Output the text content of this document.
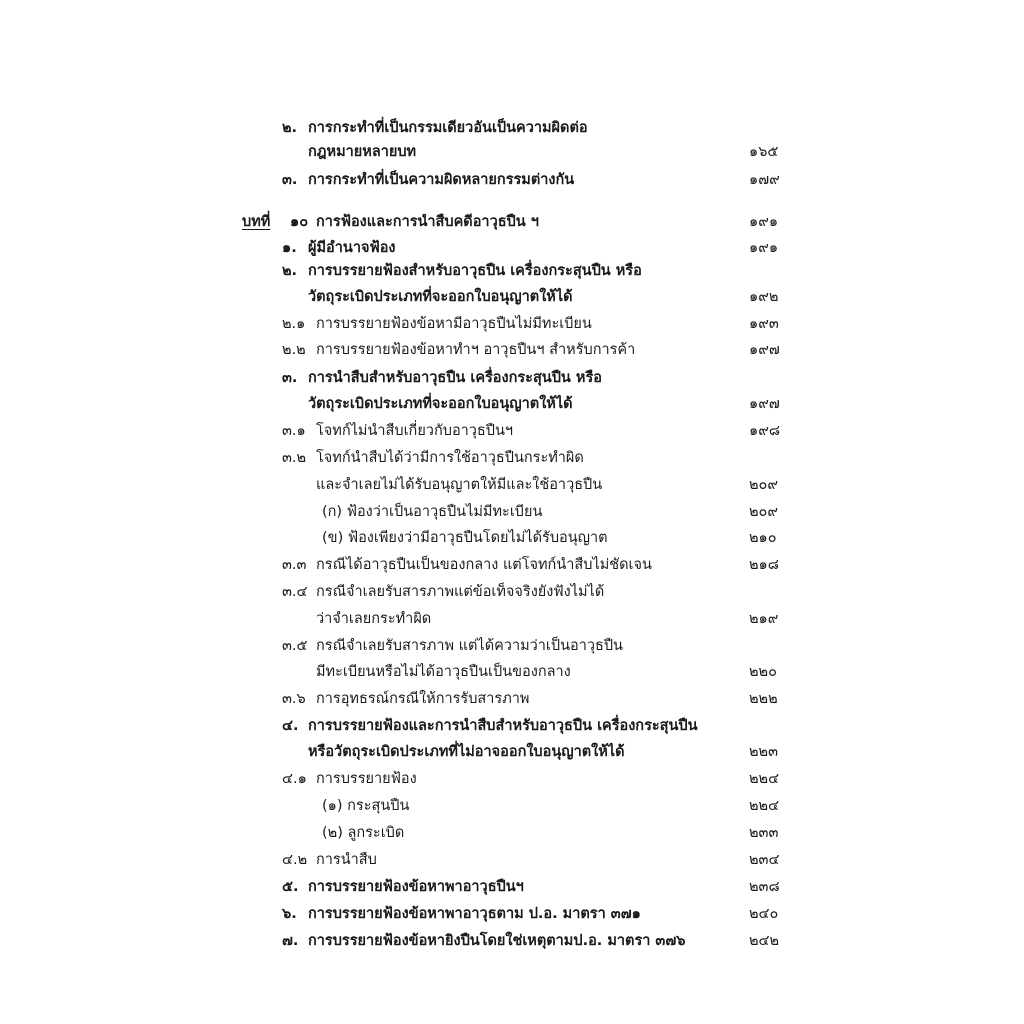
๒. การกระทำที่เป็นกรรมเดียวอันเป็นความผิดต่อ
กฎหมายหลายบท	๑๖๕
๓. การกระทำที่เป็นความผิดหลายกรรมต่างกัน	๑๗๙
บทที่ ๑๐ การฟ้องและการนำสืบคดีอาวุธปืน ฯ	๑๙๑
๑. ผู้มีอำนาจฟ้อง	๑๙๑
๒. การบรรยายฟ้องสำหรับอาวุธปืน เครื่องกระสุนปืน หรือ
วัตถุระเบิดประเภทที่จะออกใบอนุญาตให้ได้	๑๙๒
๒.๑ การบรรยายฟ้องข้อหามีอาวุธปืนไม่มีทะเบียน	๑๙๓
๒.๒ การบรรยายฟ้องข้อหาทำฯ อาวุธปืนฯ สำหรับการค้า	๑๙๗
๓. การนำสืบสำหรับอาวุธปืน เครื่องกระสุนปืน หรือ
วัตถุระเบิดประเภทที่จะออกใบอนุญาตให้ได้	๑๙๗
๓.๑ โจทก์ไม่นำสืบเกี่ยวกับอาวุธปืนฯ	๑๙๘
๓.๒ โจทก์นำสืบได้ว่ามีการใช้อาวุธปืนกระทำผิด
และจำเลยไม่ได้รับอนุญาตให้มีและใช้อาวุธปืน	๒๐๙
(ก) ฟ้องว่าเป็นอาวุธปืนไม่มีทะเบียน	๒๐๙
(ข) ฟ้องเพียงว่ามีอาวุธปืนโดยไม่ได้รับอนุญาต	๒๑๐
๓.๓ กรณีได้อาวุธปืนเป็นของกลาง แต่โจทก์นำสืบไม่ชัดเจน	๒๑๘
๓.๔ กรณีจำเลยรับสารภาพแต่ข้อเท็จจริงยังฟังไม่ได้
ว่าจำเลยกระทำผิด	๒๑๙
๓.๕ กรณีจำเลยรับสารภาพ แต่ได้ความว่าเป็นอาวุธปืน
มีทะเบียนหรือไม่ได้อาวุธปืนเป็นของกลาง	๒๒๐
๓.๖ การอุทธรณ์กรณีให้การรับสารภาพ	๒๒๒
๔. การบรรยายฟ้องและการนำสืบสำหรับอาวุธปืน เครื่องกระสุนปืน
หรือวัตถุระเบิดประเภทที่ไม่อาจออกใบอนุญาตให้ได้	๒๒๓
๔.๑ การบรรยายฟ้อง	๒๒๔
(๑) กระสุนปืน	๒๒๔
(๒) ลูกระเบิด	๒๓๓
๔.๒ การนำสืบ	๒๓๔
๕. การบรรยายฟ้องข้อหาพาอาวุธปืนฯ	๒๓๘
๖. การบรรยายฟ้องข้อหาพาอาวุธตาม ป.อ. มาตรา ๓๗๑	๒๔๐
๗. การบรรยายฟ้องข้อหายิงปืนโดยใช่เหตุตามป.อ. มาตรา ๓๗๖	๒๔๒
